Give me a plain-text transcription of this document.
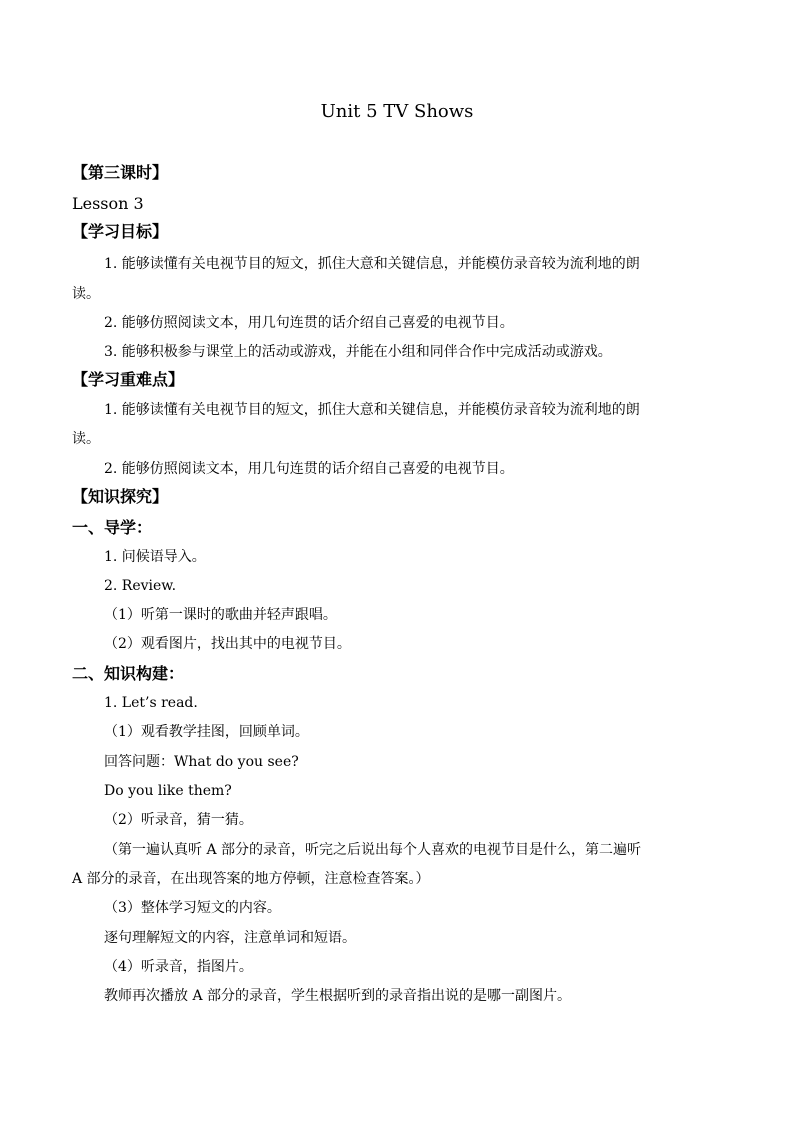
Unit 5 TV Shows
【第三课时】
Lesson 3
【学习目标】
1. 能够读懂有关电视节目的短文，抓住大意和关键信息，并能模仿录音较为流利地的朗
读。
2. 能够仿照阅读文本，用几句连贯的话介绍自己喜爱的电视节目。
3. 能够积极参与课堂上的活动或游戏，并能在小组和同伴合作中完成活动或游戏。
【学习重难点】
1. 能够读懂有关电视节目的短文，抓住大意和关键信息，并能模仿录音较为流利地的朗
读。
2. 能够仿照阅读文本，用几句连贯的话介绍自己喜爱的电视节目。
【知识探究】
一、导学：
1. 问候语导入。
2. Review.
（1）听第一课时的歌曲并轻声跟唱。
（2）观看图片，找出其中的电视节目。
二、知识构建：
1. Let’s read.
（1）观看教学挂图，回顾单词。
回答问题：What do you see?
Do you like them?
（2）听录音，猜一猜。
（第一遍认真听 A 部分的录音，听完之后说出每个人喜欢的电视节目是什么，第二遍听
A 部分的录音，在出现答案的地方停顿，注意检查答案。）
（3）整体学习短文的内容。
逐句理解短文的内容，注意单词和短语。
（4）听录音，指图片。
教师再次播放 A 部分的录音，学生根据听到的录音指出说的是哪一副图片。
